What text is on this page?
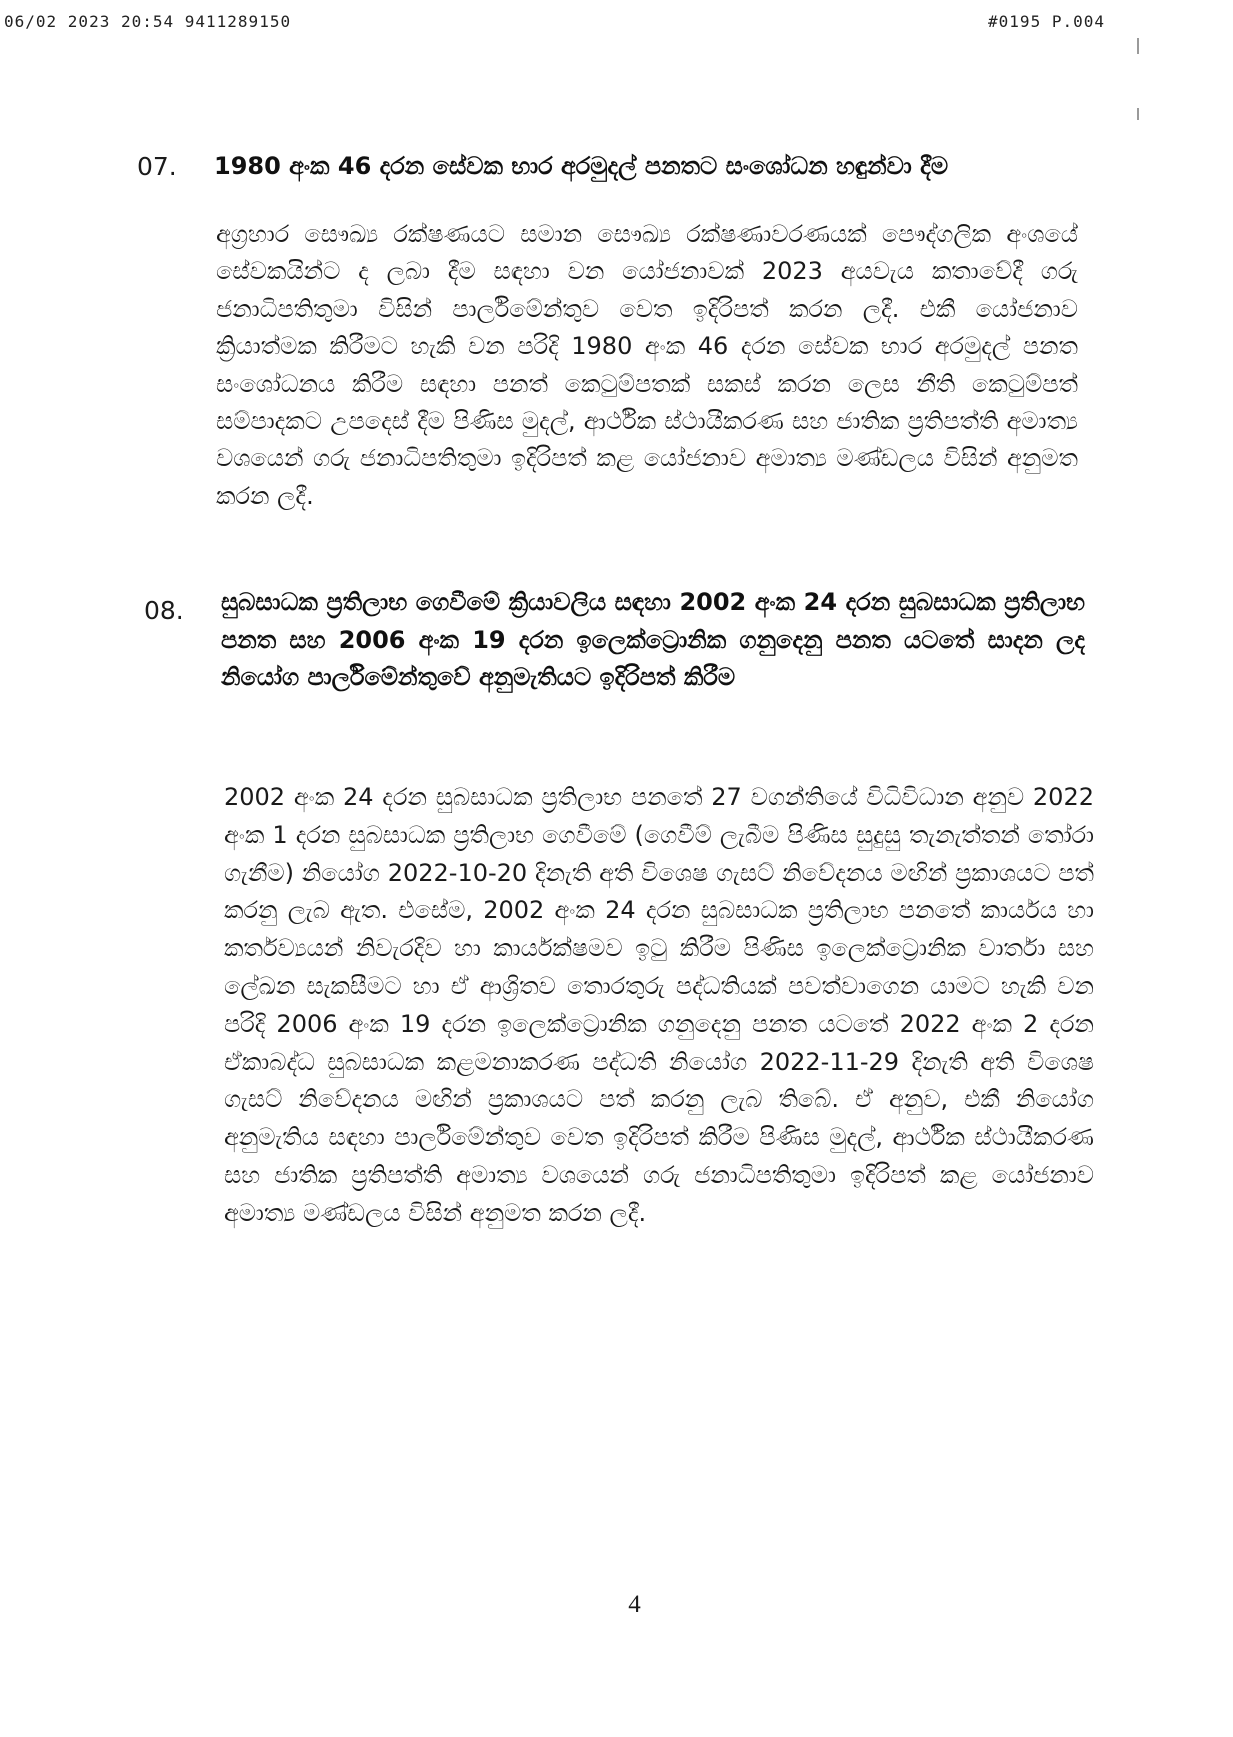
06/02 2023 20:54 9411289150	#0195 P.004
07. 1980 අංක 46 දරන සේවක භාර අරමුදල් පනතට සංශෝධන හඳුන්වා දීම
අග්‍රහාර සෞඛ්‍ය රක්ෂණයට සමාන සෞඛ්‍ය රක්ෂණාවරණයක් පෞද්ගලික අංශයේ සේවකයින්ට ද ලබා දීම සඳහා වන යෝජනාවක් 2023 අයවැය කතාවේදී ගරු ජනාධිපතිතුමා විසින් පාර්ලිමේන්තුව වෙත ඉදිරිපත් කරන ලදී. එකී යෝජනාව ක්‍රියාත්මක කිරීමට හැකි වන පරිදි 1980 අංක 46 දරන සේවක භාර අරමුදල් පනත සංශෝධනය කිරීම සඳහා පනත් කෙටුම්පතක් සකස් කරන ලෙස නීති කෙටුම්පත් සම්පාදකට උපදෙස් දීම පිණිස මුදල්, ආර්ථික ස්ථායීකරණ සහ ජාතික ප්‍රතිපත්ති අමාත්‍ය වශයෙන් ගරු ජනාධිපතිතුමා ඉදිරිපත් කළ යෝජනාව අමාත්‍ය මණ්ඩලය විසින් අනුමත කරන ලදී.
08. සුබසාධක ප්‍රතිලාභ ගෙවීමේ ක්‍රියාවලිය සඳහා 2002 අංක 24 දරන සුබසාධක ප්‍රතිලාභ පනත සහ 2006 අංක 19 දරන ඉලෙක්ට්‍රොනික ගනුදෙනු පනත යටතේ සාදන ලද නියෝග පාර්ලිමේන්තුවේ අනුමැතියට ඉදිරිපත් කිරීම
2002 අංක 24 දරන සුබසාධක ප්‍රතිලාභ පනතේ 27 වගන්තියේ විධිවිධාන අනුව 2022 අංක 1 දරන සුබසාධක ප්‍රතිලාභ ගෙවීමේ (ගෙවීම් ලැබීම පිණිස සුදුසු තැනැත්තන් තෝරා ගැනීම) නියෝග 2022-10-20 දිනැති අති විශෙෂ ගැසට් නිවේදනය මඟින් ප්‍රකාශයට පත් කරනු ලැබ ඇත. එසේම, 2002 අංක 24 දරන සුබසාධක ප්‍රතිලාභ පනතේ කාර්යය හා කර්තව්‍යයන් නිවැරදිව හා කාර්යක්ෂමව ඉටු කිරීම පිණිස ඉලෙක්ට්‍රොනික වාර්තා සහ ලේඛන සැකසීමට හා ඒ ආශ්‍රිතව තොරතුරු පද්ධතියක් පවත්වාගෙන යාමට හැකි වන පරිදි 2006 අංක 19 දරන ඉලෙක්ට්‍රොනික ගනුදෙනු පනත යටතේ 2022 අංක 2 දරන ඒකාබද්ධ සුබසාධක කළමනාකරණ පද්ධති නියෝග 2022-11-29 දිනැති අති විශෙෂ ගැසට් නිවේදනය මඟින් ප්‍රකාශයට පත් කරනු ලැබ තිබේ. ඒ අනුව, එකී නියෝග අනුමැතිය සඳහා පාර්ලිමේන්තුව වෙත ඉදිරිපත් කිරීම පිණිස මුදල්, ආර්ථික ස්ථායීකරණ සහ ජාතික ප්‍රතිපත්ති අමාත්‍ය වශයෙන් ගරු ජනාධිපතිතුමා ඉදිරිපත් කළ යෝජනාව අමාත්‍ය මණ්ඩලය විසින් අනුමත කරන ලදී.
4
